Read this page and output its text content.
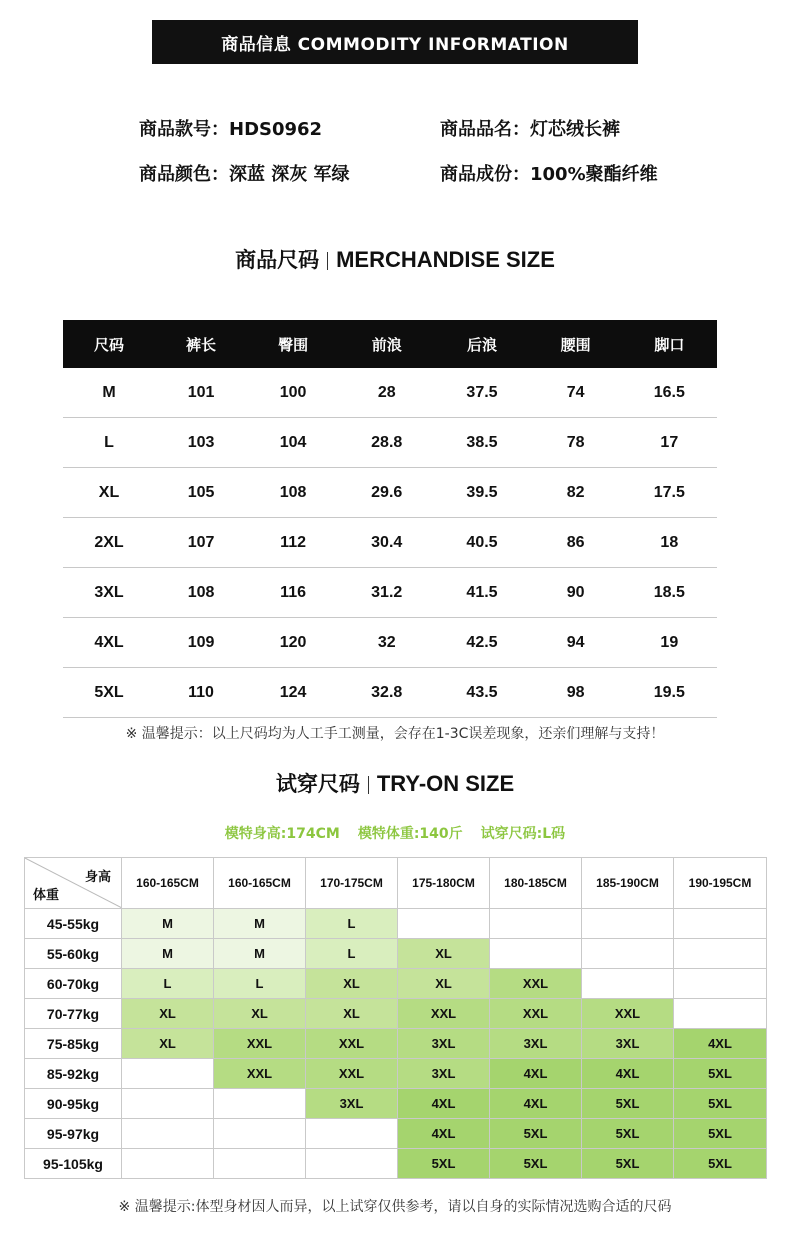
商品信息 COMMODITY INFORMATION
商品款号：HDS0962	商品品名：灯芯绒长裤
商品颜色：深蓝 深灰 军绿	商品成份：100%聚酯纤维
商品尺码 MERCHANDISE SIZE
尺码	裤长	臀围	前浪	后浪	腰围	脚口
M	101	100	28	37.5	74	16.5
L	103	104	28.8	38.5	78	17
XL	105	108	29.6	39.5	82	17.5
2XL	107	112	30.4	40.5	86	18
3XL	108	116	31.2	41.5	90	18.5
4XL	109	120	32	42.5	94	19
5XL	110	124	32.8	43.5	98	19.5
※ 温馨提示：以上尺码均为人工手工测量，会存在1-3C误差现象，还亲们理解与支持！
试穿尺码 TRY-ON SIZE
模特身高:174CM 模特体重:140斤 试穿尺码:L码
身高
体重	160-165CM	160-165CM	170-175CM	175-180CM	180-185CM	185-190CM	190-195CM
45-55kg	M	M	L				
55-60kg	M	M	L	XL			
60-70kg	L	L	XL	XL	XXL		
70-77kg	XL	XL	XL	XXL	XXL	XXL	
75-85kg	XL	XXL	XXL	3XL	3XL	3XL	4XL
85-92kg		XXL	XXL	3XL	4XL	4XL	5XL
90-95kg			3XL	4XL	4XL	5XL	5XL
95-97kg				4XL	5XL	5XL	5XL
95-105kg				5XL	5XL	5XL	5XL
※ 温馨提示:体型身材因人而异，以上试穿仅供参考，请以自身的实际情况选购合适的尺码
